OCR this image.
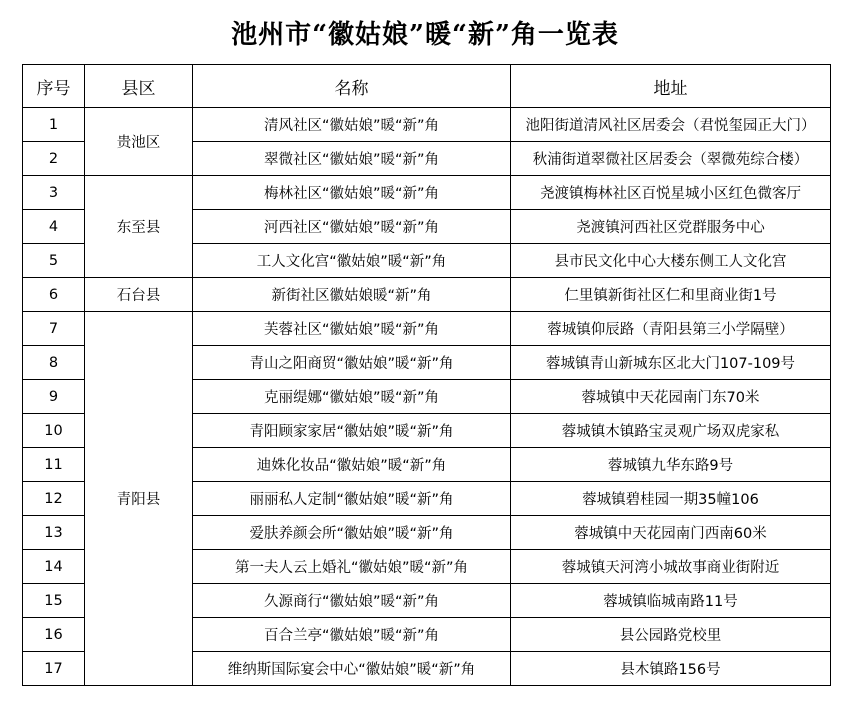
池州市“徽姑娘”暖“新”角一览表
序号	县区	名称	地址
1	贵池区	清风社区“徽姑娘”暖“新”角	池阳街道清风社区居委会（君悦玺园正大门）
2		翠微社区“徽姑娘”暖“新”角	秋浦街道翠微社区居委会（翠微苑综合楼）
3	东至县	梅林社区“徽姑娘”暖“新”角	尧渡镇梅林社区百悦星城小区红色微客厅
4		河西社区“徽姑娘”暖“新”角	尧渡镇河西社区党群服务中心
5		工人文化宫“徽姑娘”暖“新”角	县市民文化中心大楼东侧工人文化宫
6	石台县	新街社区徽姑娘暖“新”角	仁里镇新街社区仁和里商业街1号
7	青阳县	芙蓉社区“徽姑娘”暖“新”角	蓉城镇仰辰路（青阳县第三小学隔壁）
8		青山之阳商贸“徽姑娘”暖“新”角	蓉城镇青山新城东区北大门107-109号
9		克丽缇娜“徽姑娘”暖“新”角	蓉城镇中天花园南门东70米
10		青阳顾家家居“徽姑娘”暖“新”角	蓉城镇木镇路宝灵观广场双虎家私
11		迪姝化妆品“徽姑娘”暖“新”角	蓉城镇九华东路9号
12		丽丽私人定制“徽姑娘”暖“新”角	蓉城镇碧桂园一期35幢106
13		爱肤养颜会所“徽姑娘”暖“新”角	蓉城镇中天花园南门西南60米
14		第一夫人云上婚礼“徽姑娘”暖“新”角	蓉城镇天河湾小城故事商业街附近
15		久源商行“徽姑娘”暖“新”角	蓉城镇临城南路11号
16		百合兰亭“徽姑娘”暖“新”角	县公园路党校里
17		维纳斯国际宴会中心“徽姑娘”暖“新”角	县木镇路156号
